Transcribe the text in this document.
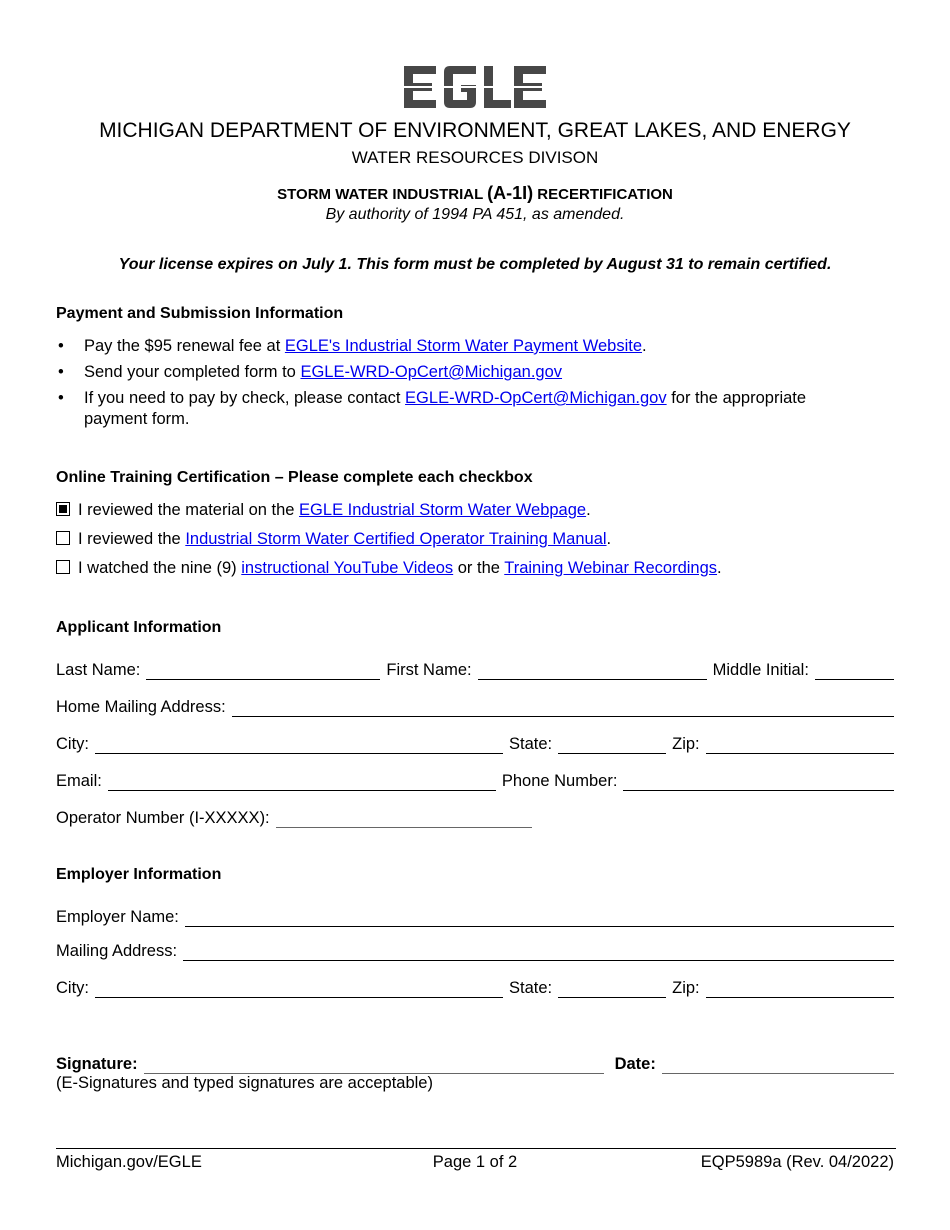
MICHIGAN DEPARTMENT OF ENVIRONMENT, GREAT LAKES, AND ENERGY
WATER RESOURCES DIVISON
STORM WATER INDUSTRIAL (A-1I) RECERTIFICATION
By authority of 1994 PA 451, as amended.
Your license expires on July 1. This form must be completed by August 31 to remain certified.
Payment and Submission Information
• Pay the $95 renewal fee at EGLE's Industrial Storm Water Payment Website.
• Send your completed form to EGLE-WRD-OpCert@Michigan.gov
• If you need to pay by check, please contact EGLE-WRD-OpCert@Michigan.gov for the appropriate payment form.
Online Training Certification – Please complete each checkbox
I reviewed the material on the EGLE Industrial Storm Water Webpage.
I reviewed the Industrial Storm Water Certified Operator Training Manual.
I watched the nine (9) instructional YouTube Videos or the Training Webinar Recordings.
Applicant Information
Last Name:	First Name:	Middle Initial:
Home Mailing Address:
City:	State:	Zip:
Email:	Phone Number:
Operator Number (I-XXXXX):
Employer Information
Employer Name:
Mailing Address:
City:	State:	Zip:
Signature:	Date:
(E-Signatures and typed signatures are acceptable)
Michigan.gov/EGLE	Page 1 of 2	EQP5989a (Rev. 04/2022)
